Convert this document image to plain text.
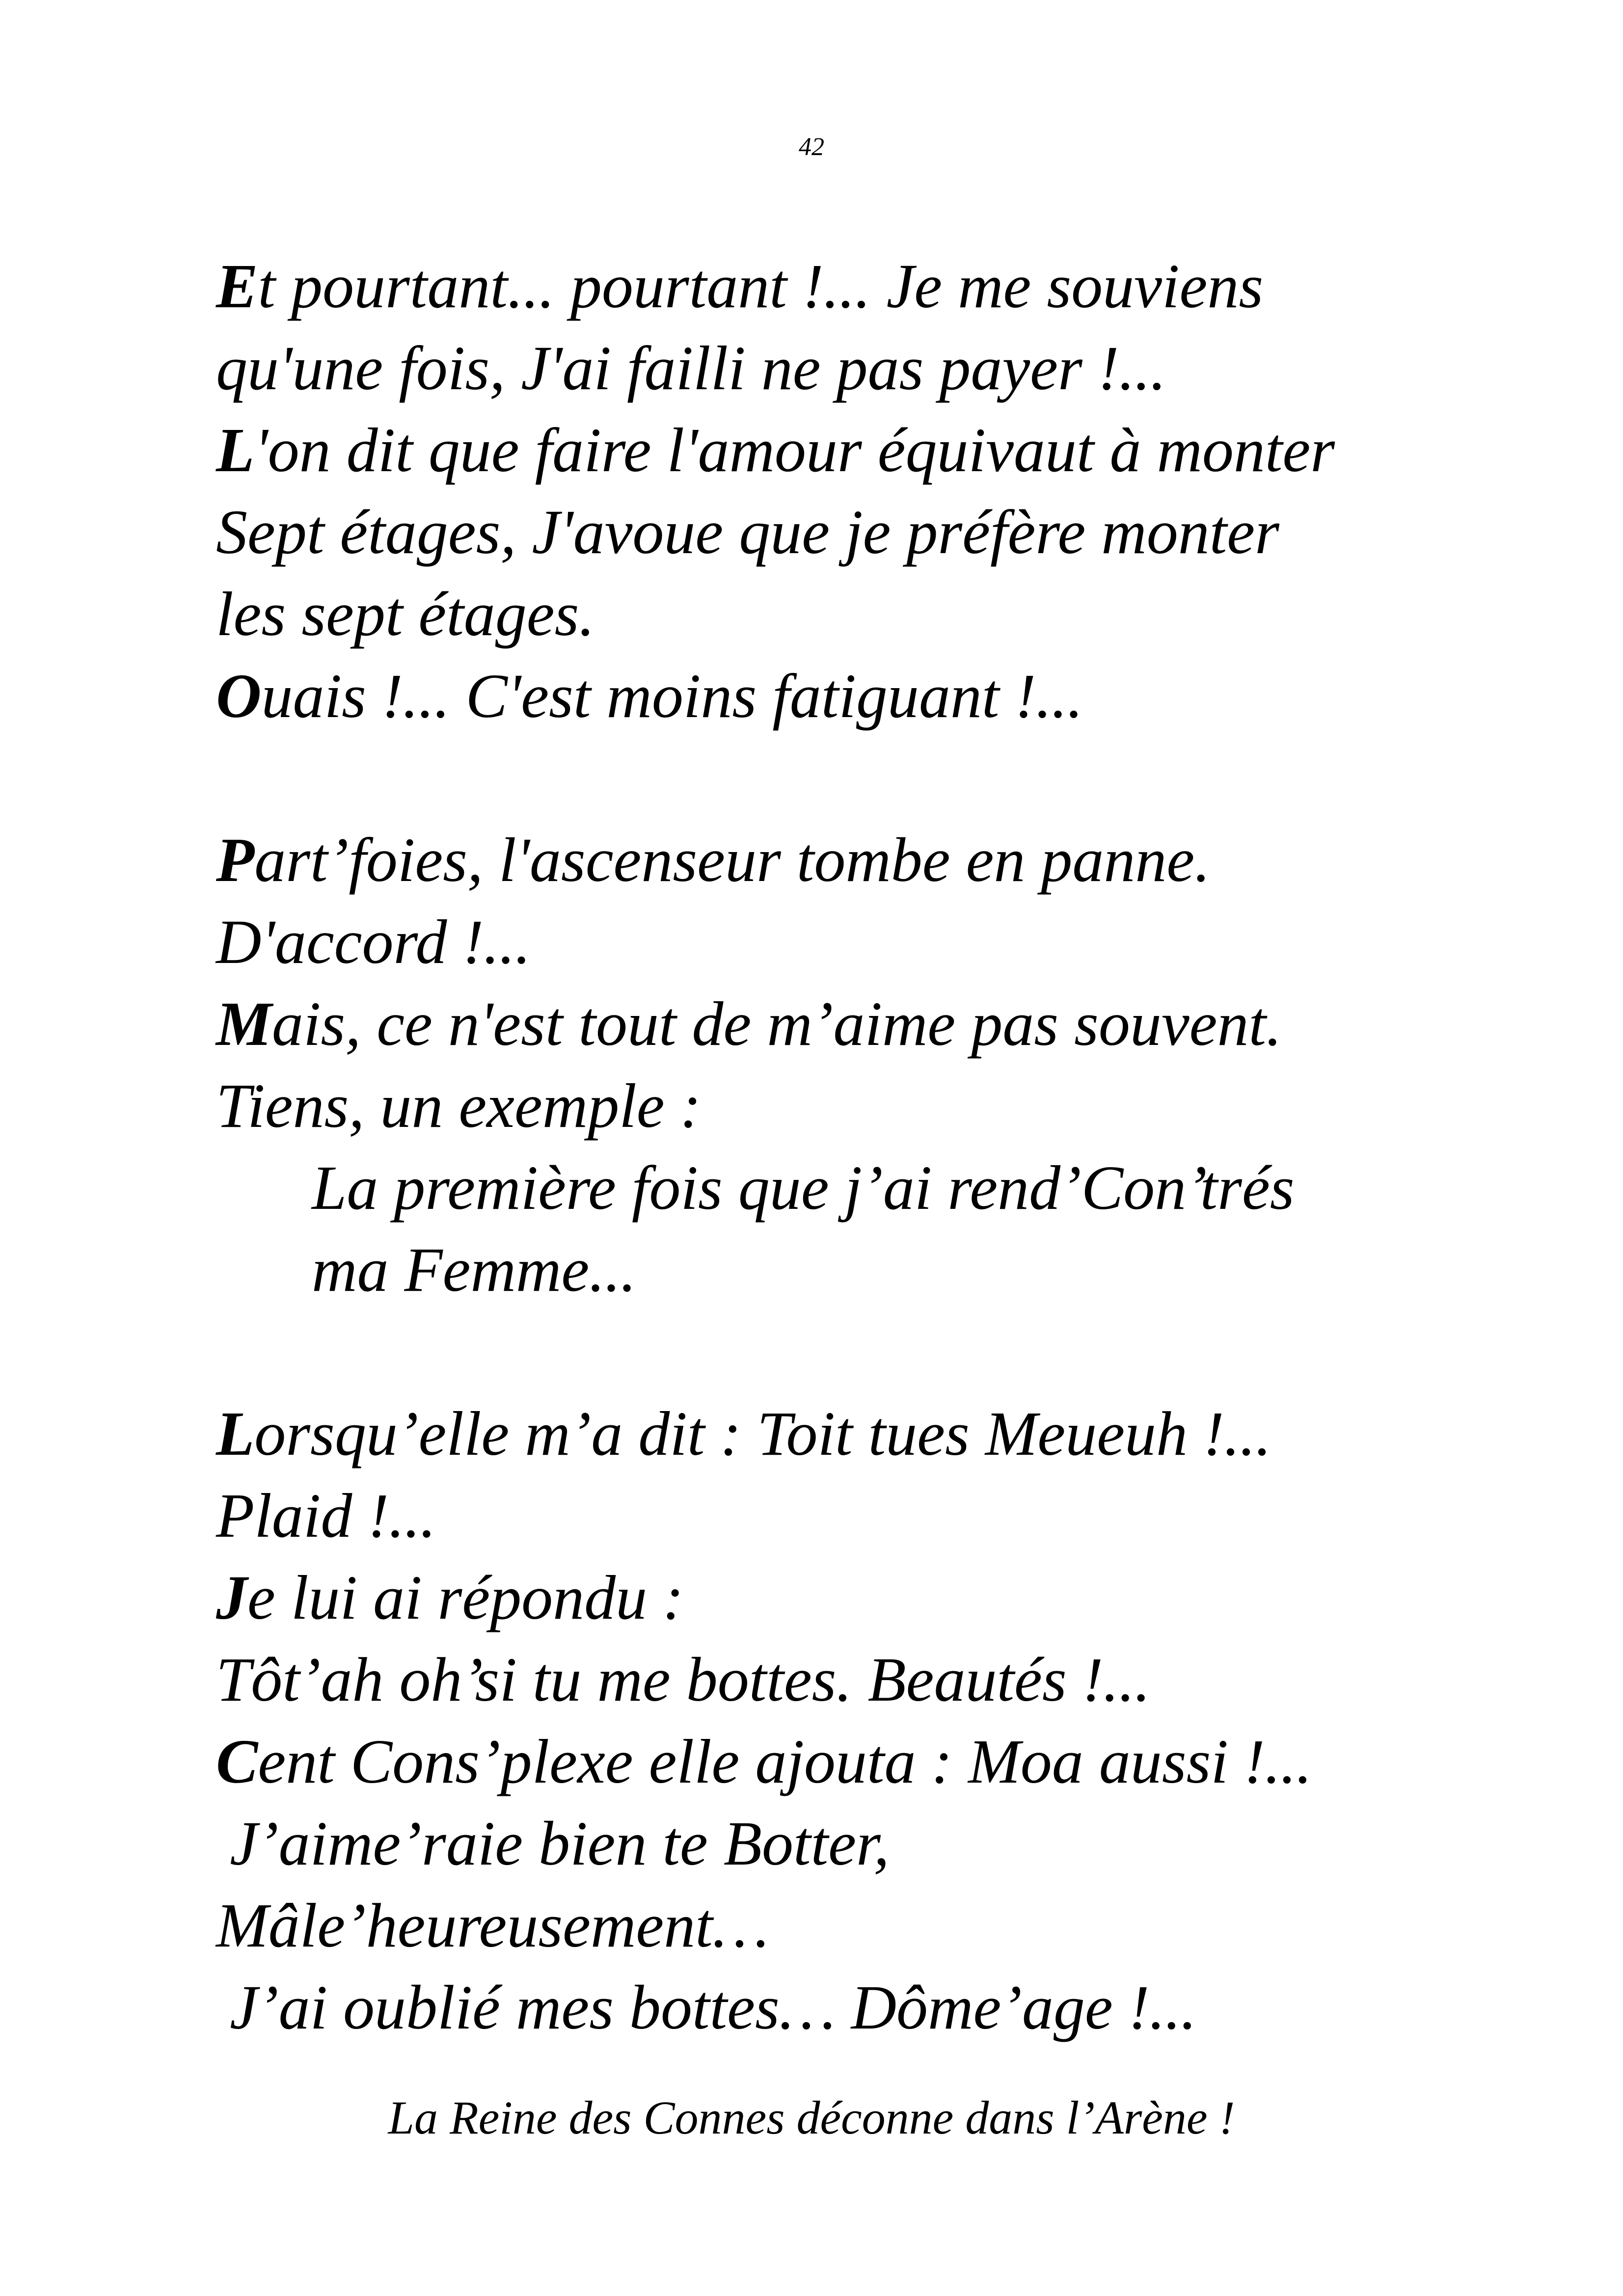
42
Et pourtant... pourtant !... Je me souviens
qu'une fois, J'ai failli ne pas payer !...
L'on dit que faire l'amour équivaut à monter
Sept étages, J'avoue que je préfère monter
les sept étages.
Ouais !... C'est moins fatiguant !...
Part’foies, l'ascenseur tombe en panne.
D'accord !...
Mais, ce n'est tout de m’aime pas souvent.
Tiens, un exemple :
La première fois que j’ai rend’Con’trés
ma Femme...
Lorsqu’elle m’a dit : Toit tues Meueuh !...
Plaid !...
Je lui ai répondu :
Tôt’ah oh’si tu me bottes. Beautés !...
Cent Cons’plexe elle ajouta : Moa aussi !...
J’aime’raie bien te Botter,
Mâle’heureusement…
J’ai oublié mes bottes… Dôme’age !...
La Reine des Connes déconne dans l’Arène !
